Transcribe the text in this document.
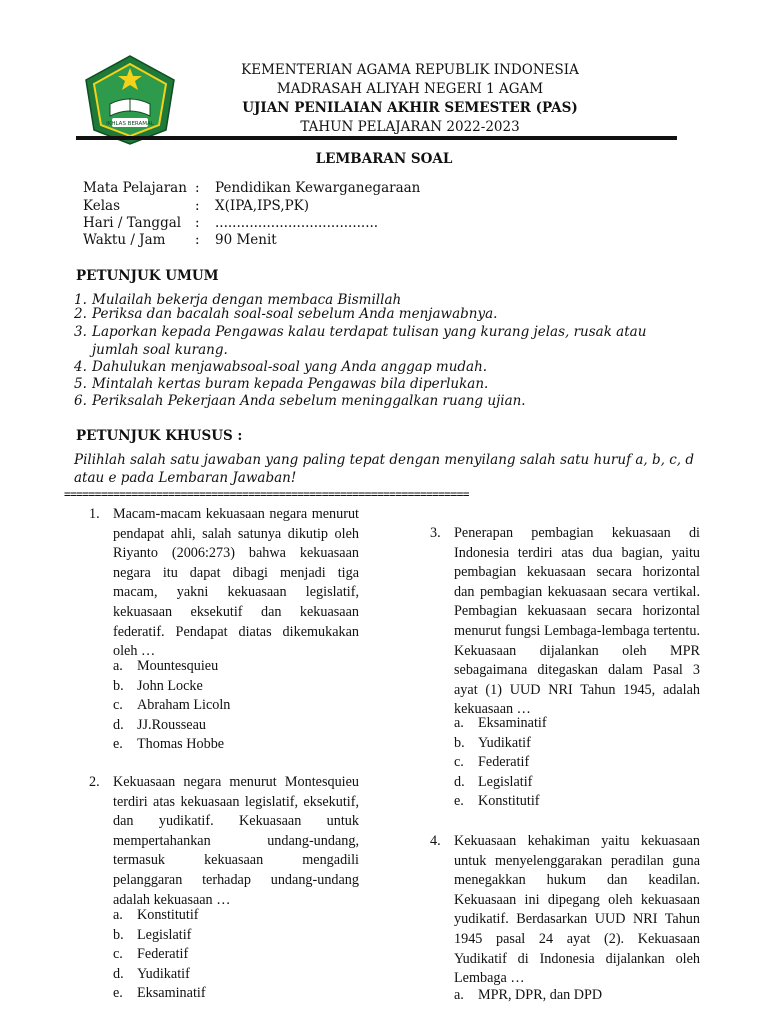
IKHLAS BERAMAL
KEMENTERIAN AGAMA REPUBLIK INDONESIA
MADRASAH ALIYAH NEGERI 1 AGAM
UJIAN PENILAIAN AKHIR SEMESTER (PAS)
TAHUN PELAJARAN 2022-2023
LEMBARAN SOAL
Mata Pelajaran : Pendidikan Kewarganegaraan
Kelas	: X(IPA,IPS,PK)
Hari / Tanggal : ......................................
Waktu / Jam : 90 Menit
PETUNJUK UMUM
1. Mulailah bekerja dengan membaca Bismillah
2. Periksa dan bacalah soal-soal sebelum Anda menjawabnya.
3. Laporkan kepada Pengawas kalau terdapat tulisan yang kurang jelas, rusak atau jumlah soal kurang.
4. Dahulukan menjawabsoal-soal yang Anda anggap mudah.
5. Mintalah kertas buram kepada Pengawas bila diperlukan.
6. Periksalah Pekerjaan Anda sebelum meninggalkan ruang ujian.
PETUNJUK KHUSUS :
Pilihlah salah satu jawaban yang paling tepat dengan menyilang salah satu huruf a, b, c, d atau e pada Lembaran Jawaban!
==================================================================
1. Macam-macam kekuasaan negara menurut pendapat ahli, salah satunya dikutip oleh Riyanto (2006:273) bahwa kekuasaan negara itu dapat dibagi menjadi tiga macam, yakni kekuasaan legislatif, kekuasaan eksekutif dan kekuasaan federatif. Pendapat diatas dikemukakan oleh …
a. Mountesquieu
b. John Locke
c. Abraham Licoln
d. JJ.Rousseau
e. Thomas Hobbe
2. Kekuasaan negara menurut Montesquieu terdiri atas kekuasaan legislatif, eksekutif, dan yudikatif. Kekuasaan untuk mempertahankan undang-undang, termasuk kekuasaan mengadili pelanggaran terhadap undang-undang adalah kekuasaan …
a. Konstitutif
b. Legislatif
c. Federatif
d. Yudikatif
e. Eksaminatif
3. Penerapan pembagian kekuasaan di Indonesia terdiri atas dua bagian, yaitu pembagian kekuasaan secara horizontal dan pembagian kekuasaan secara vertikal. Pembagian kekuasaan secara horizontal menurut fungsi Lembaga-lembaga tertentu. Kekuasaan dijalankan oleh MPR sebagaimana ditegaskan dalam Pasal 3 ayat (1) UUD NRI Tahun 1945, adalah kekuasaan …
a. Eksaminatif
b. Yudikatif
c. Federatif
d. Legislatif
e. Konstitutif
4. Kekuasaan kehakiman yaitu kekuasaan untuk menyelenggarakan peradilan guna menegakkan hukum dan keadilan. Kekuasaan ini dipegang oleh kekuasaan yudikatif. Berdasarkan UUD NRI Tahun 1945 pasal 24 ayat (2). Kekuasaan Yudikatif di Indonesia dijalankan oleh Lembaga …
a. MPR, DPR, dan DPD
